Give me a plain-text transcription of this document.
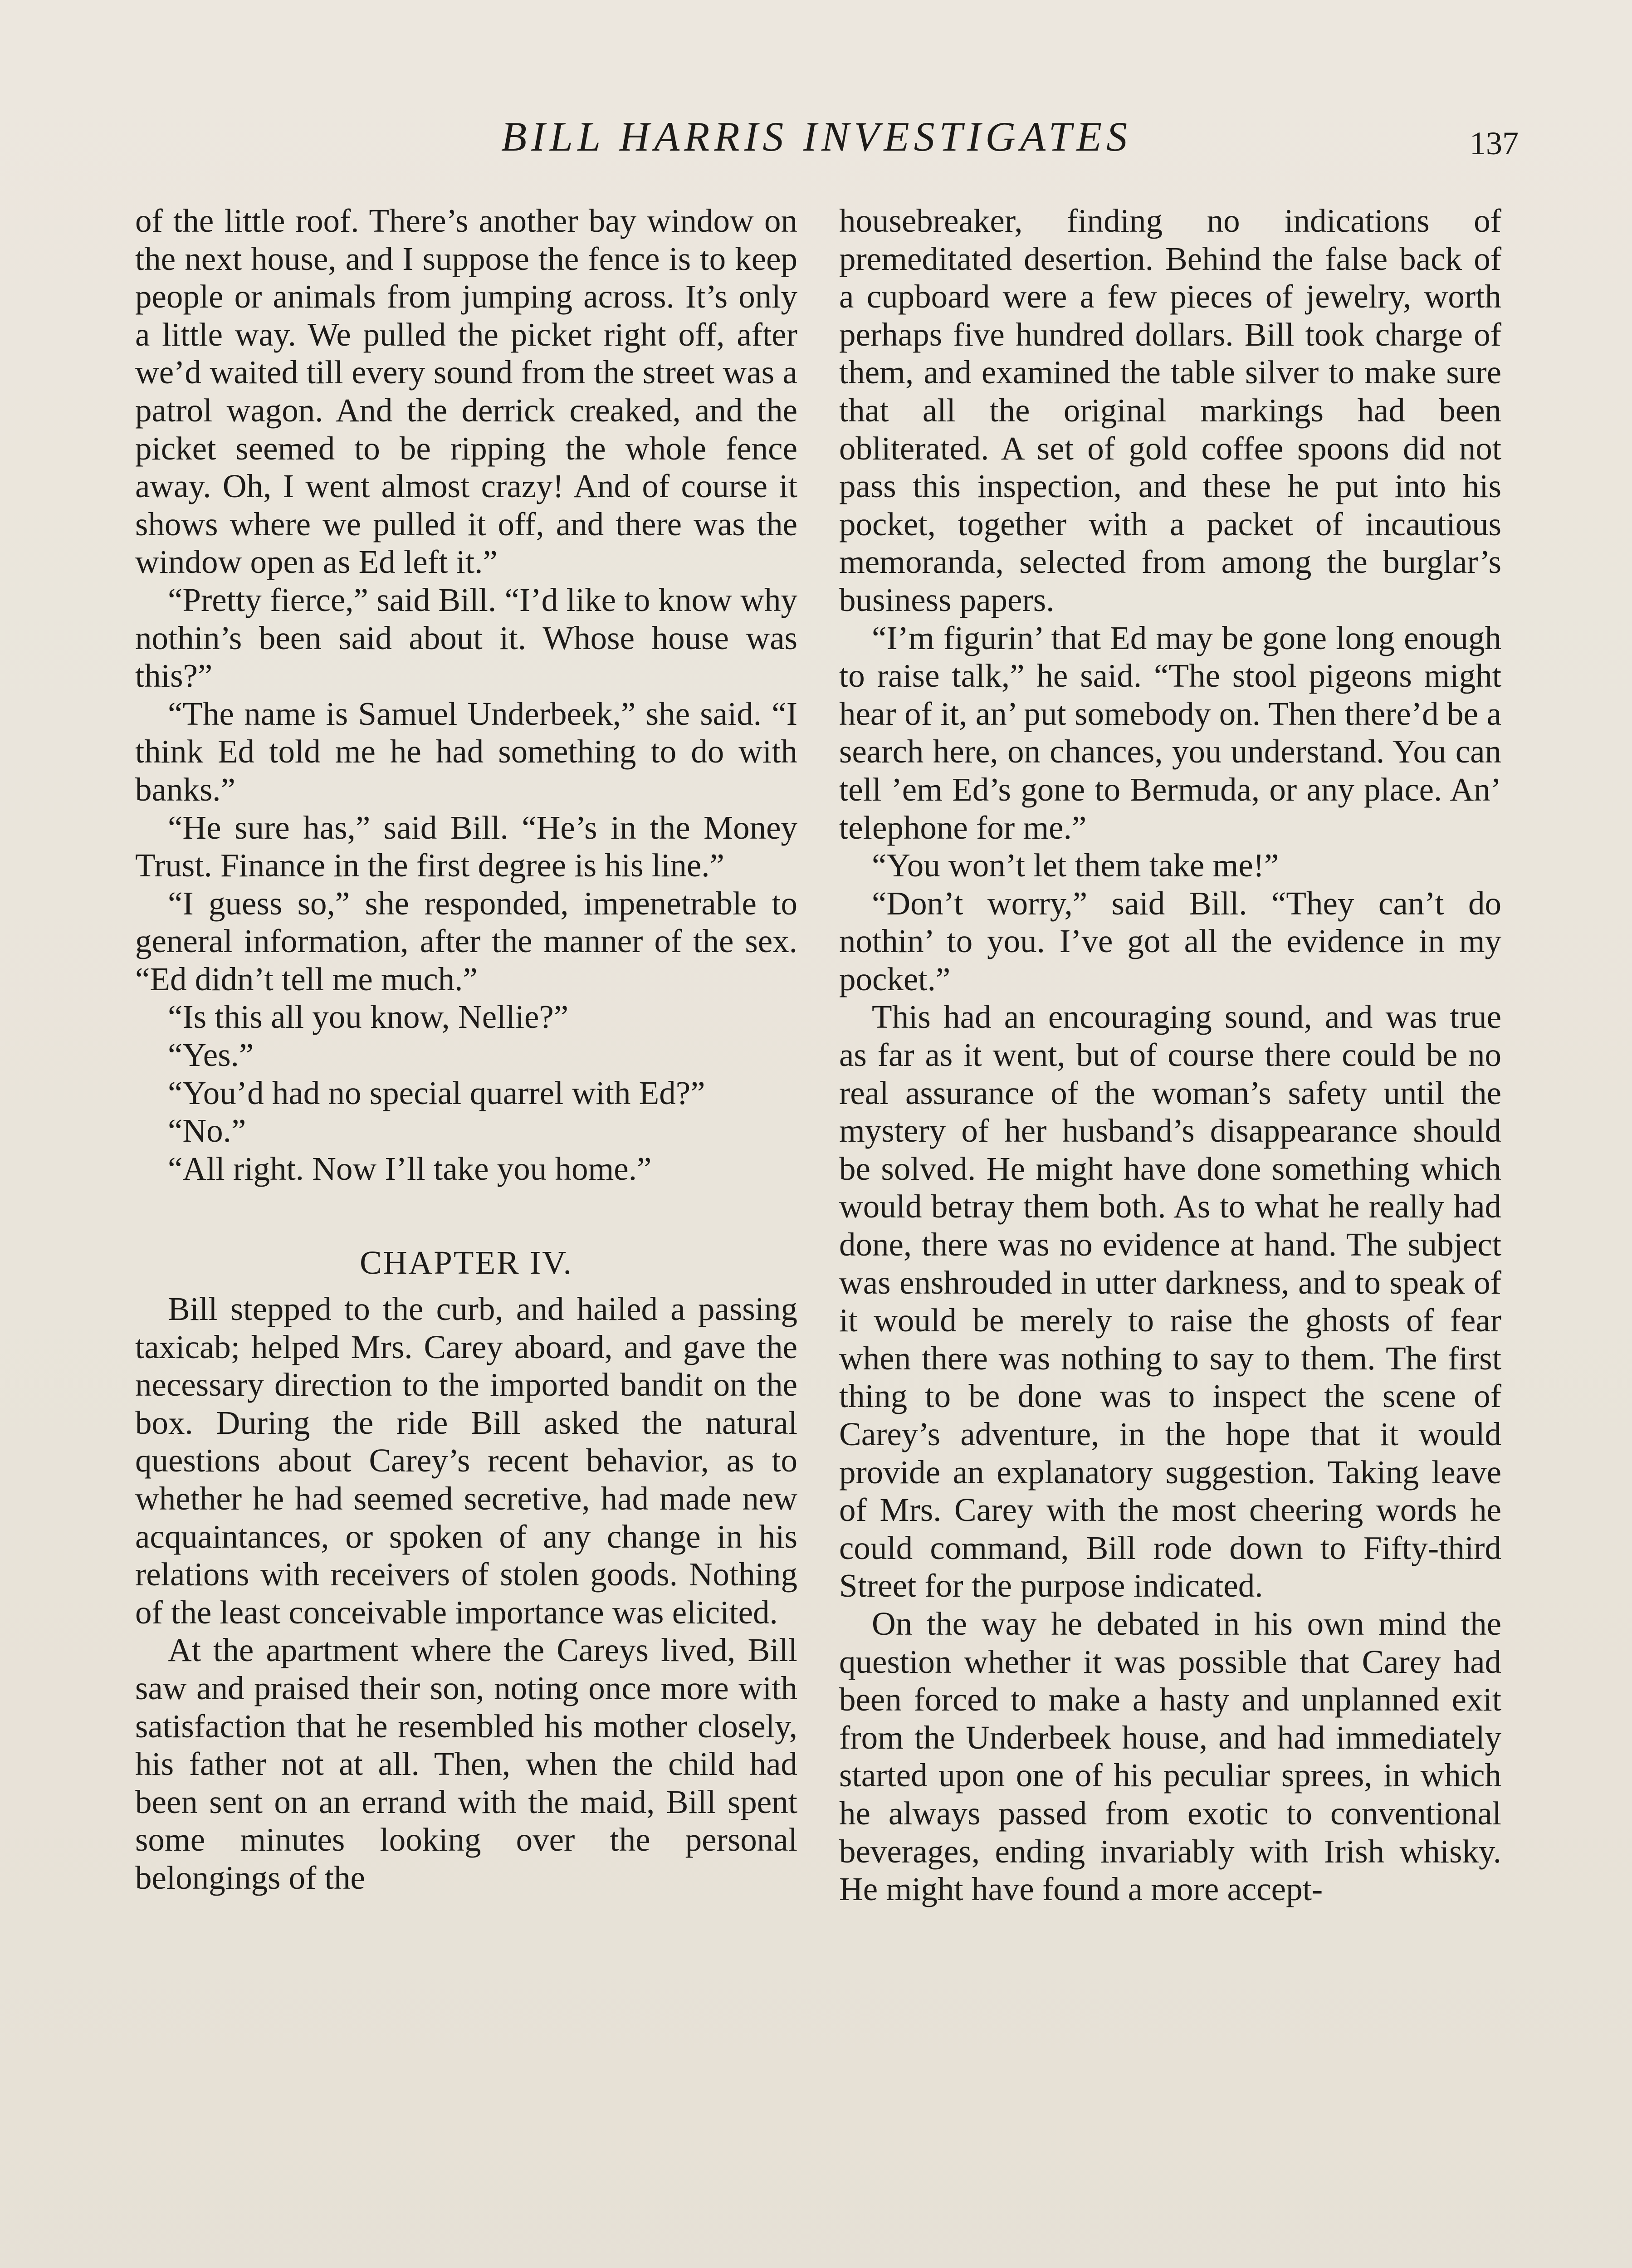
BILL HARRIS INVESTIGATES	137

of the little roof. There’s another bay window on the next house, and I suppose the fence is to keep people or animals from jumping across. It’s only a little way. We pulled the picket right off, after we’d waited till every sound from the street was a patrol wagon. And the derrick creaked, and the picket seemed to be ripping the whole fence away. Oh, I went almost crazy! And of course it shows where we pulled it off, and there was the window open as Ed left it.”

“Pretty fierce,” said Bill. “I’d like to know why nothin’s been said about it. Whose house was this?”

“The name is Samuel Underbeek,” she said. “I think Ed told me he had something to do with banks.”

“He sure has,” said Bill. “He’s in the Money Trust. Finance in the first degree is his line.”

“I guess so,” she responded, impenetrable to general information, after the manner of the sex. “Ed didn’t tell me much.”

“Is this all you know, Nellie?”

“Yes.”

“You’d had no special quarrel with Ed?”

“No.”

“All right. Now I’ll take you home.”

CHAPTER IV.

Bill stepped to the curb, and hailed a passing taxicab; helped Mrs. Carey aboard, and gave the necessary direction to the imported bandit on the box. During the ride Bill asked the natural questions about Carey’s recent behavior, as to whether he had seemed secretive, had made new acquaintances, or spoken of any change in his relations with receivers of stolen goods. Nothing of the least conceivable importance was elicited.

At the apartment where the Careys lived, Bill saw and praised their son, noting once more with satisfaction that he resembled his mother closely, his father not at all. Then, when the child had been sent on an errand with the maid, Bill spent some minutes looking over the personal belongings of the

housebreaker, finding no indications of premeditated desertion. Behind the false back of a cupboard were a few pieces of jewelry, worth perhaps five hundred dollars. Bill took charge of them, and examined the table silver to make sure that all the original markings had been obliterated. A set of gold coffee spoons did not pass this inspection, and these he put into his pocket, together with a packet of incautious memoranda, selected from among the burglar’s business papers.

“I’m figurin’ that Ed may be gone long enough to raise talk,” he said. “The stool pigeons might hear of it, an’ put somebody on. Then there’d be a search here, on chances, you understand. You can tell ’em Ed’s gone to Bermuda, or any place. An’ telephone for me.”

“You won’t let them take me!”

“Don’t worry,” said Bill. “They can’t do nothin’ to you. I’ve got all the evidence in my pocket.”

This had an encouraging sound, and was true as far as it went, but of course there could be no real assurance of the woman’s safety until the mystery of her husband’s disappearance should be solved. He might have done something which would betray them both. As to what he really had done, there was no evidence at hand. The subject was enshrouded in utter darkness, and to speak of it would be merely to raise the ghosts of fear when there was nothing to say to them. The first thing to be done was to inspect the scene of Carey’s adventure, in the hope that it would provide an explanatory suggestion. Taking leave of Mrs. Carey with the most cheering words he could command, Bill rode down to Fifty-third Street for the purpose indicated.

On the way he debated in his own mind the question whether it was possible that Carey had been forced to make a hasty and unplanned exit from the Underbeek house, and had immediately started upon one of his peculiar sprees, in which he always passed from exotic to conventional beverages, ending invariably with Irish whisky. He might have found a more accept-
